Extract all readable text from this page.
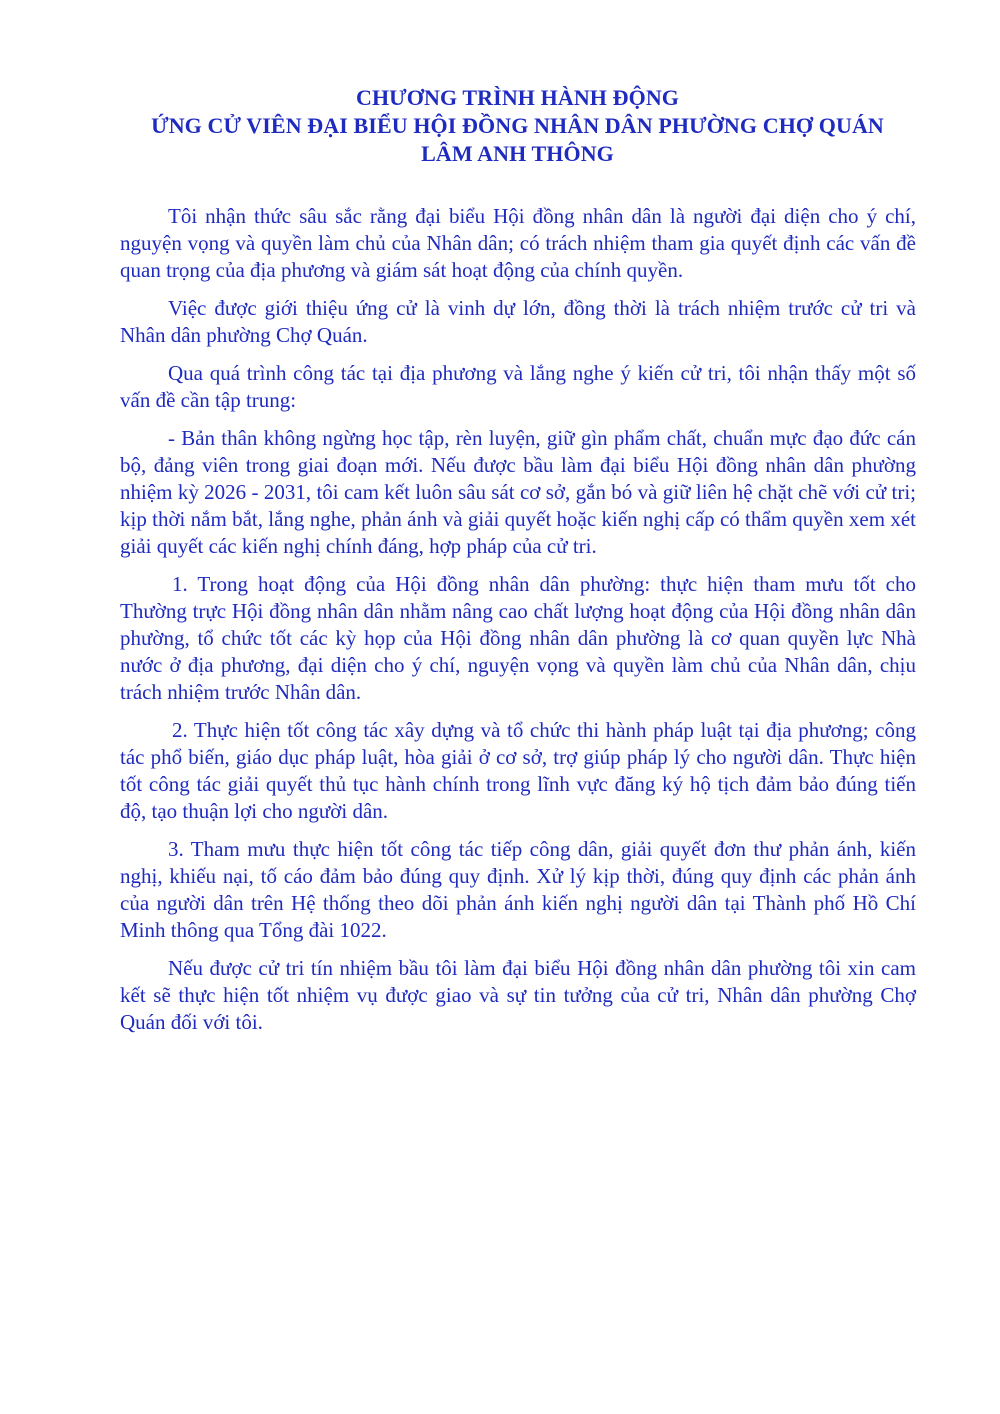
CHƯƠNG TRÌNH HÀNH ĐỘNG
ỨNG CỬ VIÊN ĐẠI BIỂU HỘI ĐỒNG NHÂN DÂN PHƯỜNG CHỢ QUÁN
LÂM ANH THÔNG

Tôi nhận thức sâu sắc rằng đại biểu Hội đồng nhân dân là người đại diện cho ý chí, nguyện vọng và quyền làm chủ của Nhân dân; có trách nhiệm tham gia quyết định các vấn đề quan trọng của địa phương và giám sát hoạt động của chính quyền.

Việc được giới thiệu ứng cử là vinh dự lớn, đồng thời là trách nhiệm trước cử tri và Nhân dân phường Chợ Quán.

Qua quá trình công tác tại địa phương và lắng nghe ý kiến cử tri, tôi nhận thấy một số vấn đề cần tập trung:

- Bản thân không ngừng học tập, rèn luyện, giữ gìn phẩm chất, chuẩn mực đạo đức cán bộ, đảng viên trong giai đoạn mới. Nếu được bầu làm đại biểu Hội đồng nhân dân phường nhiệm kỳ 2026 - 2031, tôi cam kết luôn sâu sát cơ sở, gắn bó và giữ liên hệ chặt chẽ với cử tri; kịp thời nắm bắt, lắng nghe, phản ánh và giải quyết hoặc kiến nghị cấp có thẩm quyền xem xét giải quyết các kiến nghị chính đáng, hợp pháp của cử tri.

1. Trong hoạt động của Hội đồng nhân dân phường: thực hiện tham mưu tốt cho Thường trực Hội đồng nhân dân nhằm nâng cao chất lượng hoạt động của Hội đồng nhân dân phường, tổ chức tốt các kỳ họp của Hội đồng nhân dân phường là cơ quan quyền lực Nhà nước ở địa phương, đại diện cho ý chí, nguyện vọng và quyền làm chủ của Nhân dân, chịu trách nhiệm trước Nhân dân.

2. Thực hiện tốt công tác xây dựng và tổ chức thi hành pháp luật tại địa phương; công tác phổ biến, giáo dục pháp luật, hòa giải ở cơ sở, trợ giúp pháp lý cho người dân. Thực hiện tốt công tác giải quyết thủ tục hành chính trong lĩnh vực đăng ký hộ tịch đảm bảo đúng tiến độ, tạo thuận lợi cho người dân.

3. Tham mưu thực hiện tốt công tác tiếp công dân, giải quyết đơn thư phản ánh, kiến nghị, khiếu nại, tố cáo đảm bảo đúng quy định. Xử lý kịp thời, đúng quy định các phản ánh của người dân trên Hệ thống theo dõi phản ánh kiến nghị người dân tại Thành phố Hồ Chí Minh thông qua Tổng đài 1022.

Nếu được cử tri tín nhiệm bầu tôi làm đại biểu Hội đồng nhân dân phường tôi xin cam kết sẽ thực hiện tốt nhiệm vụ được giao và sự tin tưởng của cử tri, Nhân dân phường Chợ Quán đối với tôi.
